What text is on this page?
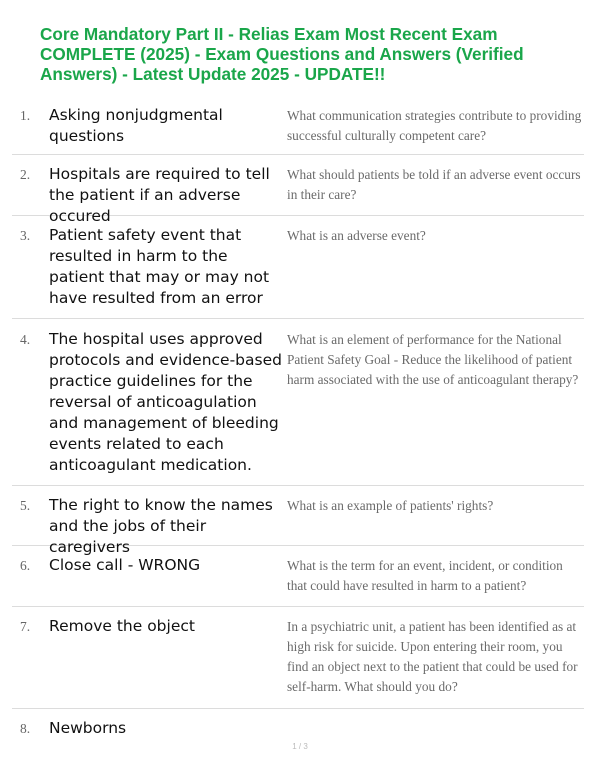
Core Mandatory Part II - Relias Exam Most Recent Exam COMPLETE (2025) - Exam Questions and Answers (Verified Answers) - Latest Update 2025 - UPDATE!!
1. Asking nonjudgmental questions
What communication strategies contribute to providing successful culturally competent care?
2. Hospitals are required to tell the patient if an adverse occured
What should patients be told if an adverse event occurs in their care?
3. Patient safety event that resulted in harm to the patient that may or may not have resulted from an error
What is an adverse event?
4. The hospital uses approved protocols and evidence-based practice guidelines for the reversal of anticoagulation and management of bleeding events related to each anticoagulant medication.
What is an element of performance for the National Patient Safety Goal - Reduce the likelihood of patient harm associated with the use of anticoagulant therapy?
5. The right to know the names and the jobs of their caregivers
What is an example of patients' rights?
6. Close call - WRONG	What is the term for an event, incident, or condition that could have resulted in harm to a patient?
7. Remove the object	In a psychiatric unit, a patient has been identified as at high risk for suicide. Upon entering their room, you find an object next to the patient that could be used for self-harm. What should you do?
8. Newborns
1 / 3
